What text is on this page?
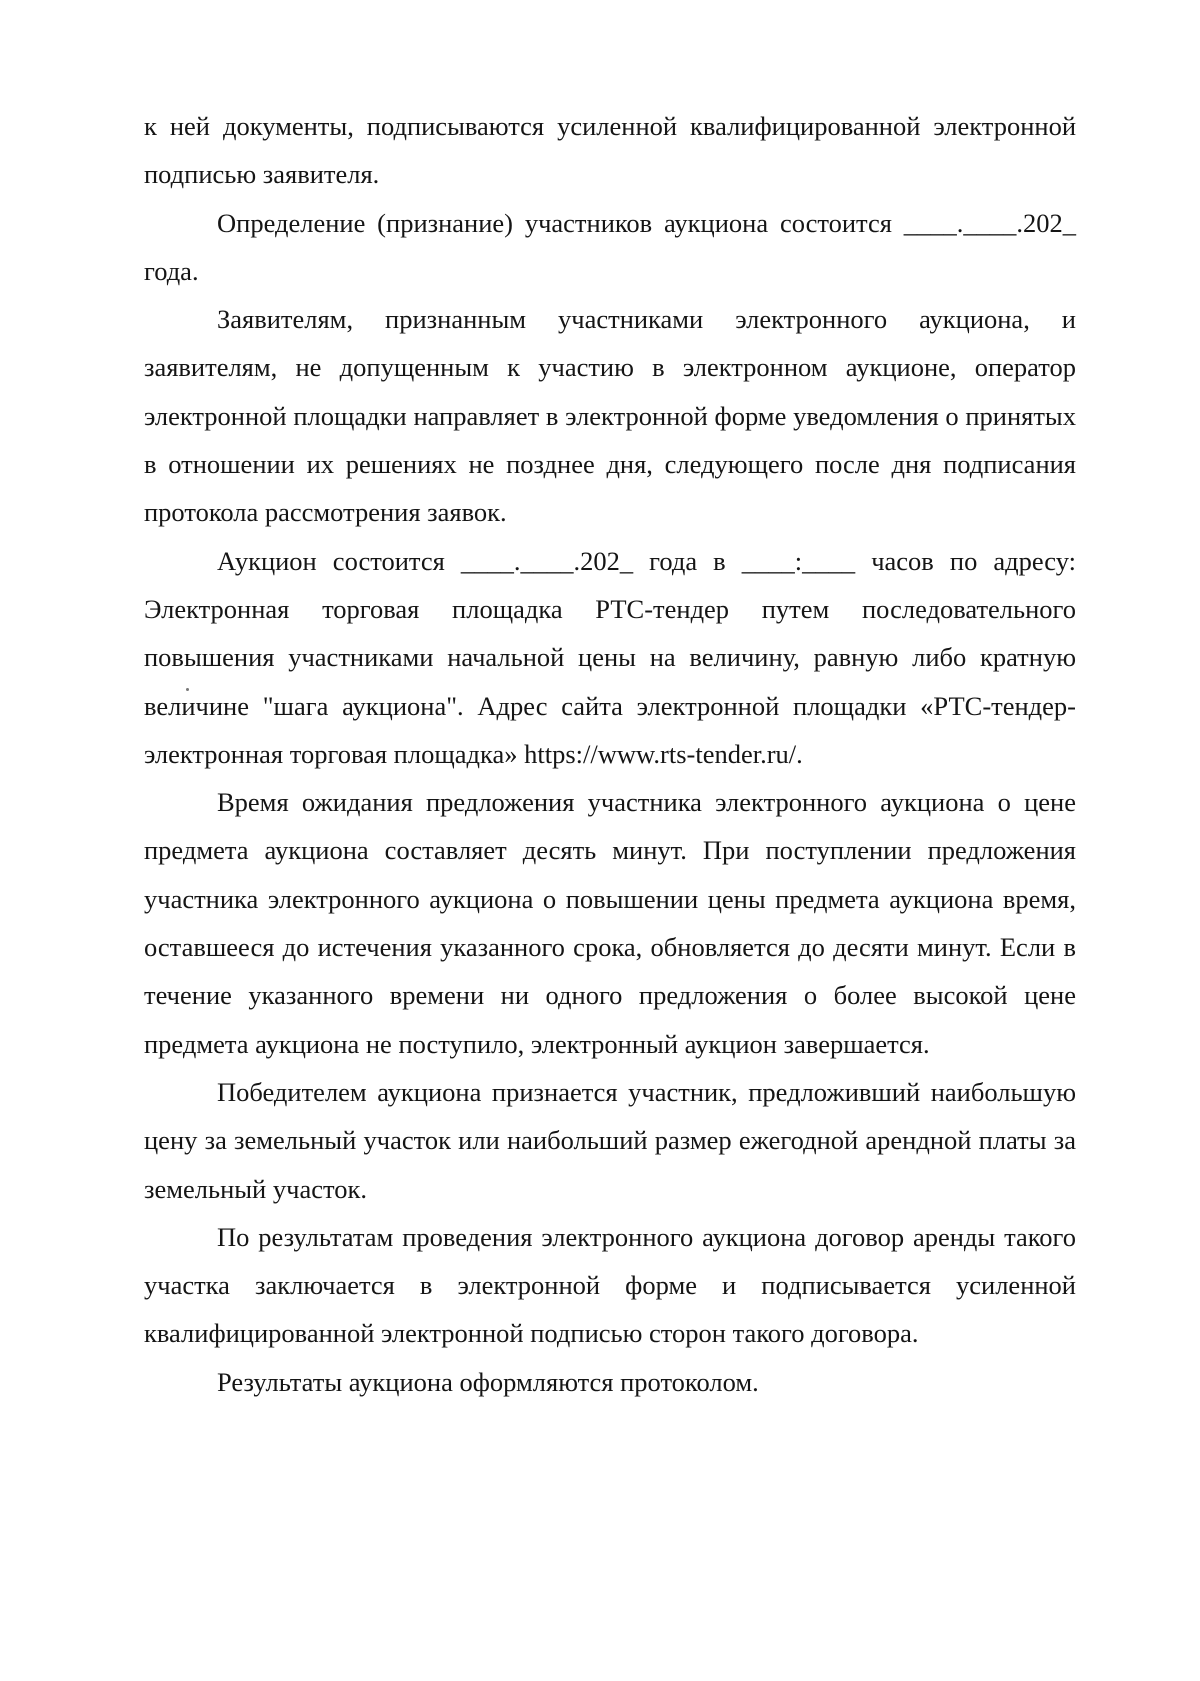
к ней документы, подписываются усиленной квалифицированной электронной подписью заявителя.

Определение (признание) участников аукциона состоится ____.____.202_ года.

Заявителям, признанным участниками электронного аукциона, и заявителям, не допущенным к участию в электронном аукционе, оператор электронной площадки направляет в электронной форме уведомления о принятых в отношении их решениях не позднее дня, следующего после дня подписания протокола рассмотрения заявок.

Аукцион состоится ____.____.202_ года в ____:____ часов по адресу: Электронная торговая площадка РТС-тендер путем последовательного повышения участниками начальной цены на величину, равную либо кратную величине "шага аукциона". Адрес сайта электронной площадки «РТС-тендер-электронная торговая площадка» https://www.rts-tender.ru/.

Время ожидания предложения участника электронного аукциона о цене предмета аукциона составляет десять минут. При поступлении предложения участника электронного аукциона о повышении цены предмета аукциона время, оставшееся до истечения указанного срока, обновляется до десяти минут. Если в течение указанного времени ни одного предложения о более высокой цене предмета аукциона не поступило, электронный аукцион завершается.

Победителем аукциона признается участник, предложивший наибольшую цену за земельный участок или наибольший размер ежегодной арендной платы за земельный участок.

По результатам проведения электронного аукциона договор аренды такого участка заключается в электронной форме и подписывается усиленной квалифицированной электронной подписью сторон такого договора.

Результаты аукциона оформляются протоколом.
